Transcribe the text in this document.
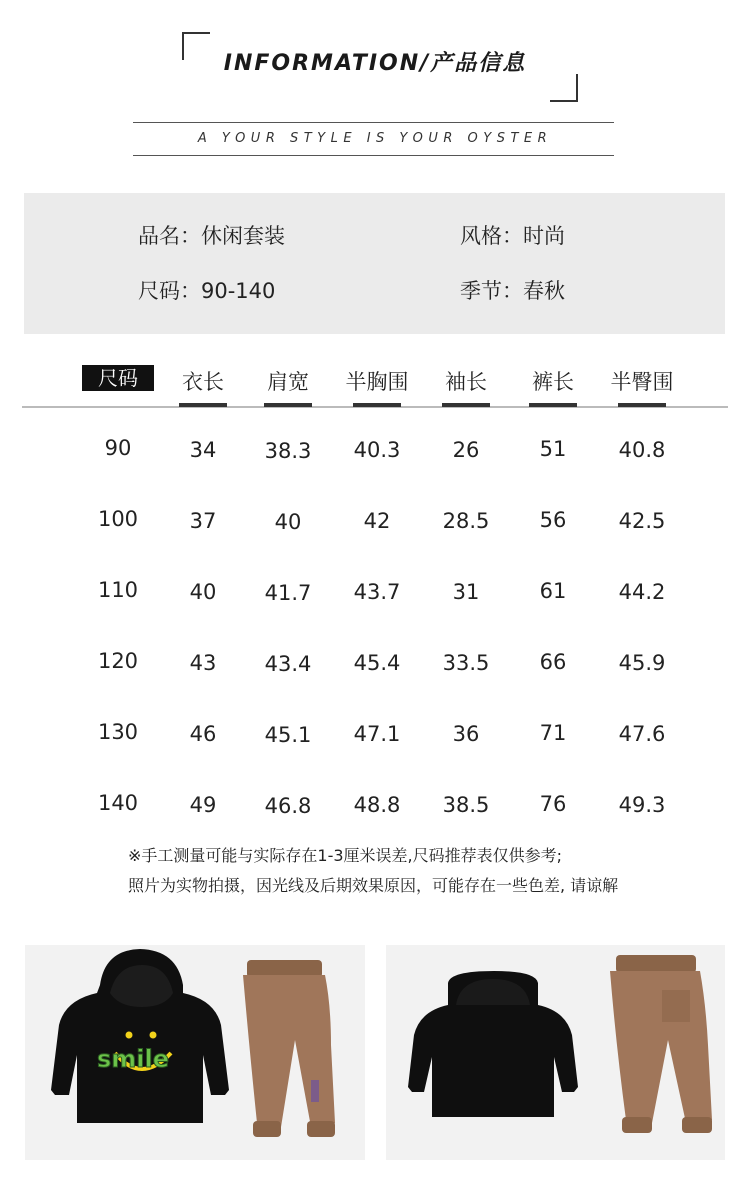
INFORMATION/产品信息
A YOUR STYLE IS YOUR OYSTER
品名：休闲套装	风格：时尚
尺码：90-140	季节：春秋
尺码	衣长	肩宽	半胸围	袖长	裤长	半臀围
90	34	38.3	40.3	26	51	40.8
100	37	40	42	28.5	56	42.5
110	40	41.7	43.7	31	61	44.2
120	43	43.4	45.4	33.5	66	45.9
130	46	45.1	47.1	36	71	47.6
140	49	46.8	48.8	38.5	76	49.3
※手工测量可能与实际存在1-3厘米误差,尺码推荐表仅供参考;
照片为实物拍摄，因光线及后期效果原因，可能存在一些色差, 请谅解
smile
